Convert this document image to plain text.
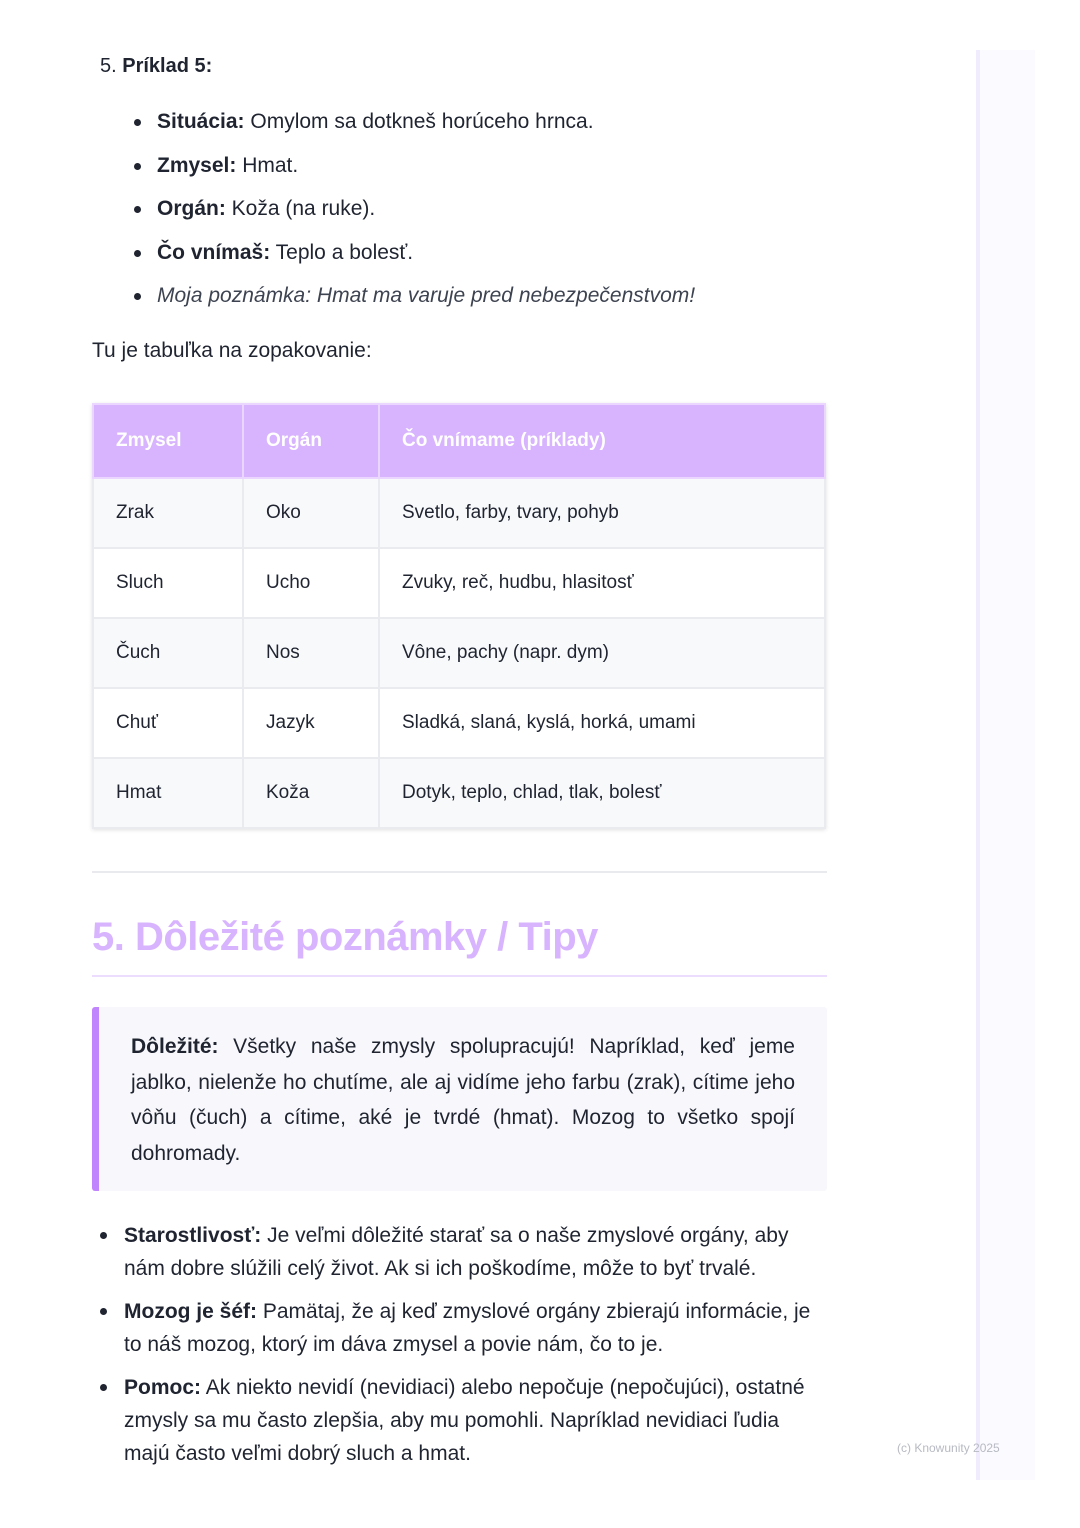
5. Príklad 5:
Situácia: Omylom sa dotkneš horúceho hrnca.
Zmysel: Hmat.
Orgán: Koža (na ruke).
Čo vnímaš: Teplo a bolesť.
Moja poznámka: Hmat ma varuje pred nebezpečenstvom!
Tu je tabuľka na zopakovanie:
Zmysel	Orgán	Čo vnímame (príklady)
Zrak	Oko	Svetlo, farby, tvary, pohyb
Sluch	Ucho	Zvuky, reč, hudbu, hlasitosť
Čuch	Nos	Vône, pachy (napr. dym)
Chuť	Jazyk	Sladká, slaná, kyslá, horká, umami
Hmat	Koža	Dotyk, teplo, chlad, tlak, bolesť
5. Dôležité poznámky / Tipy
Dôležité: Všetky naše zmysly spolupracujú! Napríklad, keď jeme jablko, nielenže ho chutíme, ale aj vidíme jeho farbu (zrak), cítime jeho vôňu (čuch) a cítime, aké je tvrdé (hmat). Mozog to všetko spojí dohromady.
Starostlivosť: Je veľmi dôležité starať sa o naše zmyslové orgány, aby nám dobre slúžili celý život. Ak si ich poškodíme, môže to byť trvalé.
Mozog je šéf: Pamätaj, že aj keď zmyslové orgány zbierajú informácie, je to náš mozog, ktorý im dáva zmysel a povie nám, čo to je.
Pomoc: Ak niekto nevidí (nevidiaci) alebo nepočuje (nepočujúci), ostatné zmysly sa mu často zlepšia, aby mu pomohli. Napríklad nevidiaci ľudia majú často veľmi dobrý sluch a hmat.	(c) Knowunity 2025
